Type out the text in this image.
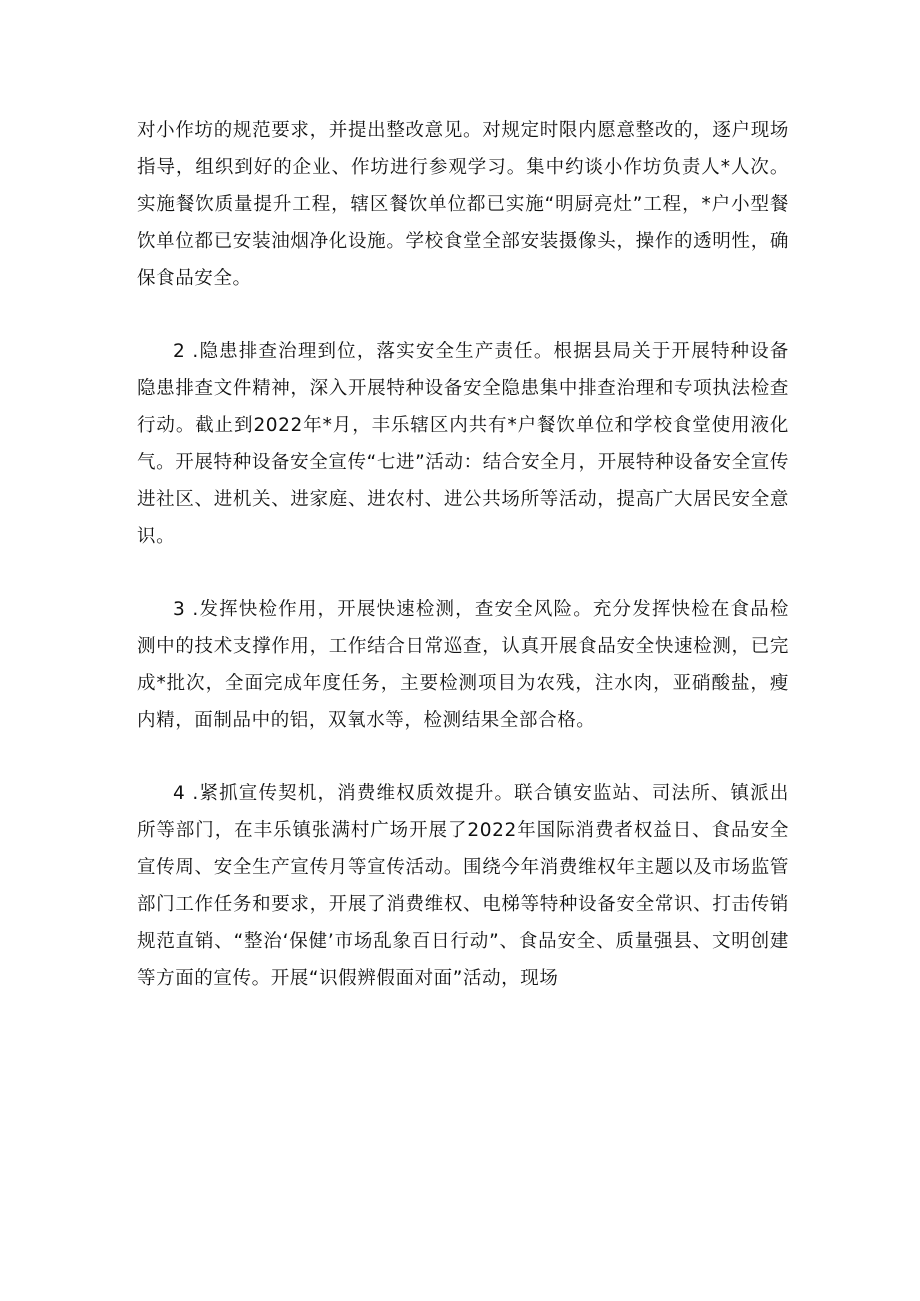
对小作坊的规范要求，并提出整改意见。对规定时限内愿意整改的，逐户现场指导，组织到好的企业、作坊进行参观学习。集中约谈小作坊负责人*人次。实施餐饮质量提升工程，辖区餐饮单位都已实施“明厨亮灶”工程，*户小型餐饮单位都已安装油烟净化设施。学校食堂全部安装摄像头，操作的透明性，确保食品安全。

2 .隐患排查治理到位，落实安全生产责任。根据县局关于开展特种设备隐患排查文件精神，深入开展特种设备安全隐患集中排查治理和专项执法检查行动。截止到2022年*月，丰乐辖区内共有*户餐饮单位和学校食堂使用液化气。开展特种设备安全宣传“七进”活动：结合安全月，开展特种设备安全宣传进社区、进机关、进家庭、进农村、进公共场所等活动，提高广大居民安全意识。

3 .发挥快检作用，开展快速检测，查安全风险。充分发挥快检在食品检测中的技术支撑作用，工作结合日常巡查，认真开展食品安全快速检测，已完成*批次，全面完成年度任务，主要检测项目为农残，注水肉，亚硝酸盐，瘦内精，面制品中的铝，双氧水等，检测结果全部合格。

4 .紧抓宣传契机，消费维权质效提升。联合镇安监站、司法所、镇派出所等部门，在丰乐镇张满村广场开展了2022年国际消费者权益日、食品安全宣传周、安全生产宣传月等宣传活动。围绕今年消费维权年主题以及市场监管部门工作任务和要求，开展了消费维权、电梯等特种设备安全常识、打击传销规范直销、“整治‘保健’市场乱象百日行动”、食品安全、质量强县、文明创建等方面的宣传。开展“识假辨假面对面”活动，现场
